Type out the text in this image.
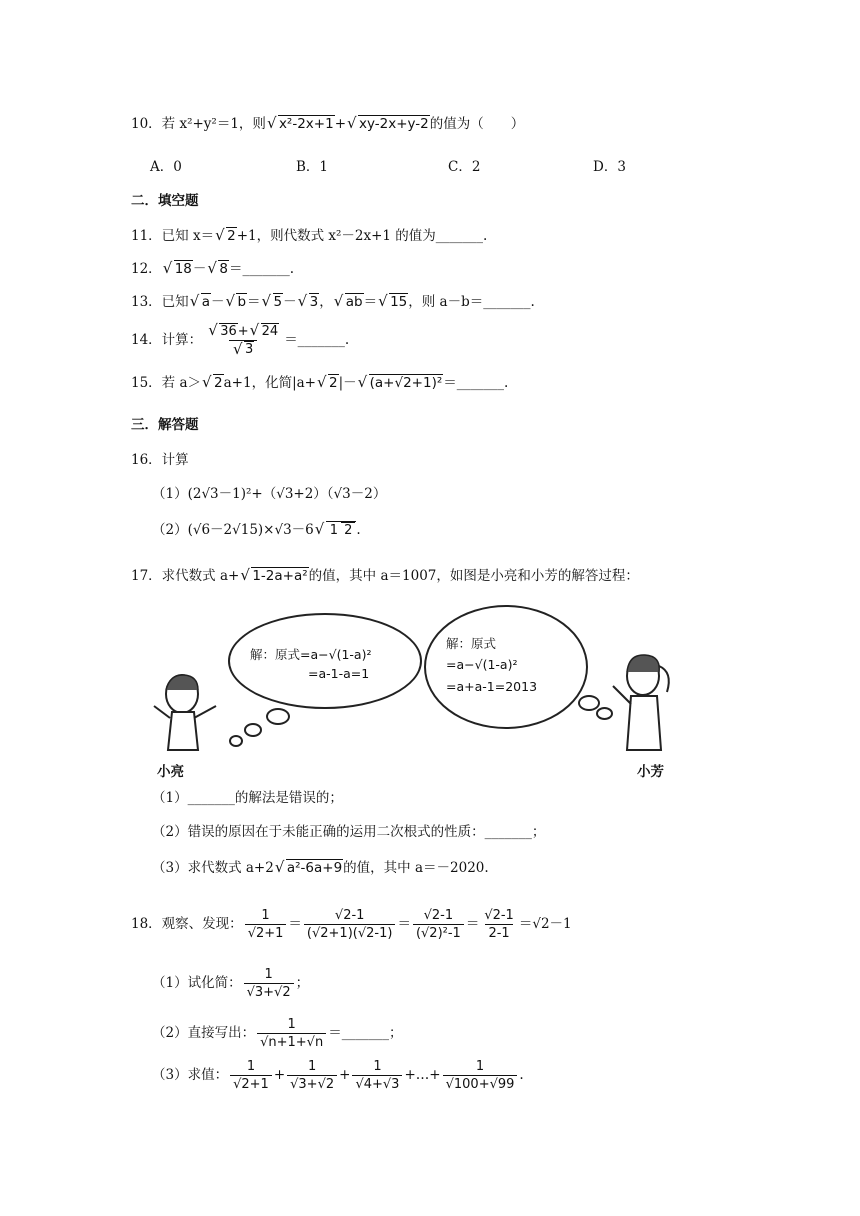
10．若 x²+y²＝1，则 √ x²-2x+1+ √ xy-2x+y-2的值为（　　）
A．0	B．1	C．2	D．3
二．填空题
11．已知 x＝ √ 2+1，则代数式 x²－2x+1 的值为_______.
12． √ 18－ √ 8＝_______.
13．已知 √ a－ √ b＝ √ 5－ √ 3， √ ab＝ √ 15，则 a－b＝_______.
14．计算： √ 36+ √ 24
√ 3 ＝_______.
15．若 a＞ √ 2a+1，化简|a+ √ 2|－ √ (a+√2+1)²＝_______.
三．解答题
16．计算
（1）(2√3－1)²+（√3+2）（√3－2）
（2）(√6－2√15)×√3－6 √ 1 2 .
17．求代数式 a+ √ 1-2a+a²的值，其中 a＝1007，如图是小亮和小芳的解答过程：
解：原式=a−√(1-a)²
=a-1-a=1
解：原式
=a−√(1-a)²
=a+a-1=2013
小亮	小芳
（1）_______的解法是错误的；
（2）错误的原因在于未能正确的运用二次根式的性质：_______；
（3）求代数式 a+2 √ a²-6a+9的值，其中 a＝－2020.
18．观察、发现： $\frac{1}{√2+1} = \frac{√2-1}{(√2+1)(√2-1)} = \frac{√2-1}{\text{(√2)²-1}} = \frac{√2-1}{2-1} =√2-1$
（1）试化简： $\frac{1}{√3+√2}$ ；
（2）直接写出： $\frac{1}{√n+1+√n}$ ＝_______；
（3）求值： $\frac{1}{√2+1} + \frac{1}{√3+√2} + \frac{1}{√4+√3}$ +…+ $\frac{1}{√100+√99}$ .
